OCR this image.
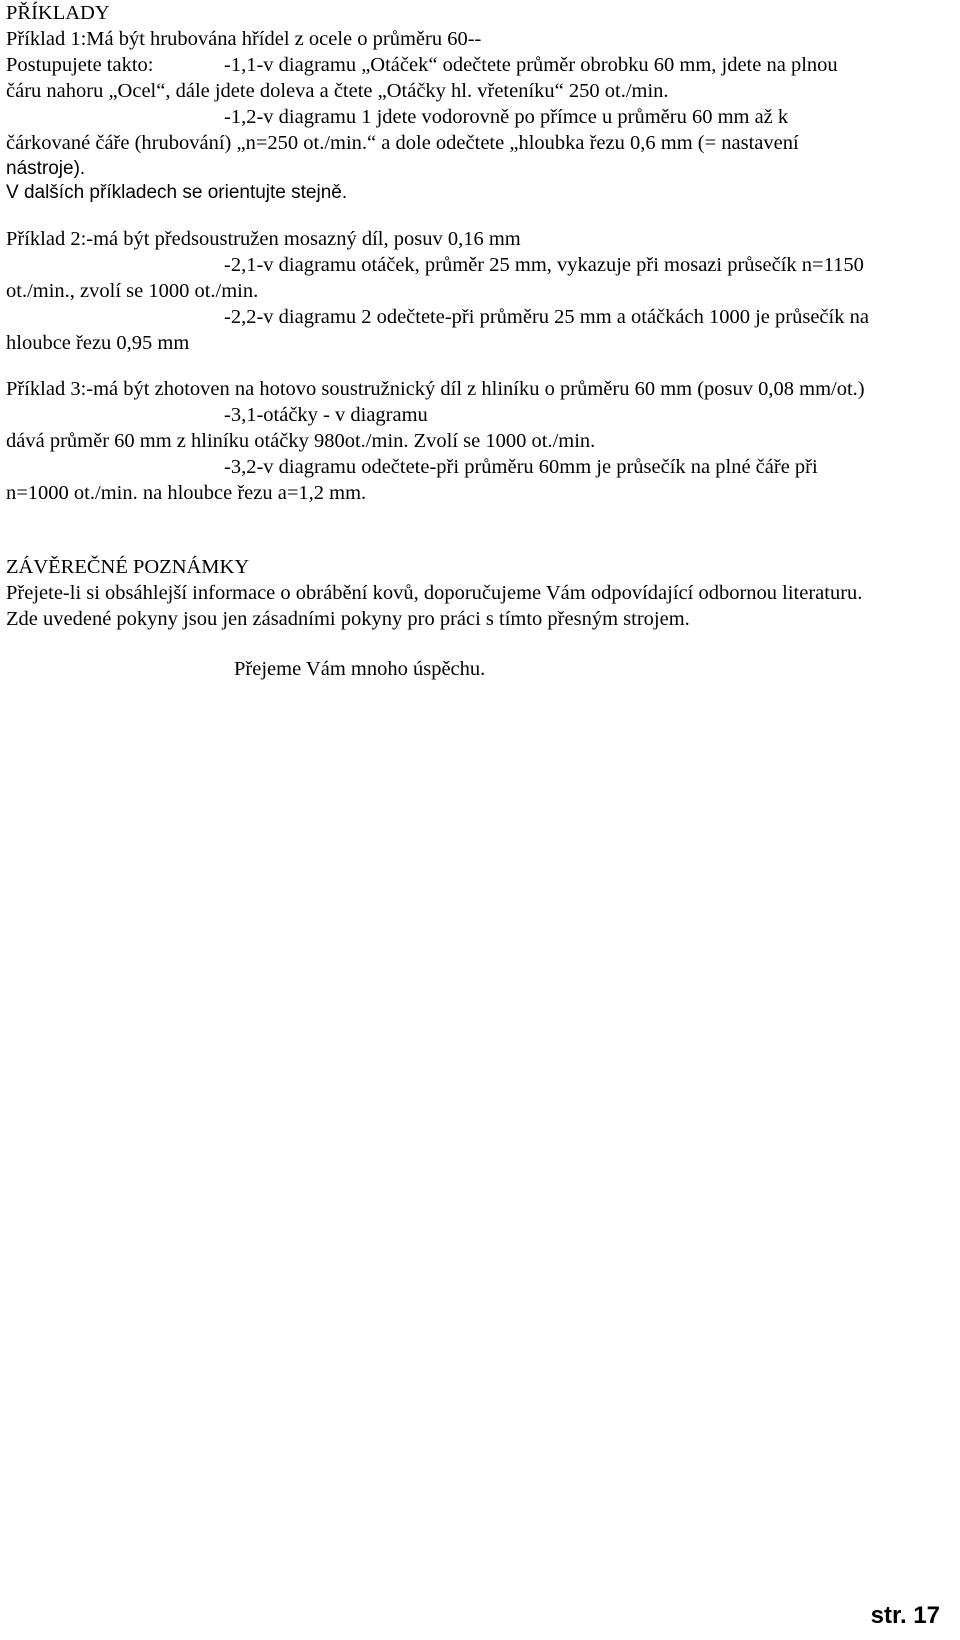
PŘÍKLADY
Příklad 1:Má být hrubována hřídel z ocele o průměru 60--
Postupujete takto:	-1,1-v diagramu „Otáček“ odečtete průměr obrobku 60 mm, jdete na plnou
čáru nahoru „Ocel“, dále jdete doleva a čtete „Otáčky hl. vřeteníku“ 250 ot./min.
-1,2-v diagramu 1 jdete vodorovně po přímce u průměru 60 mm až k
čárkované čáře (hrubování) „n=250 ot./min.“ a dole odečtete „hloubka řezu 0,6 mm (= nastavení
nástroje).
V dalších příkladech se orientujte stejně.
Příklad 2:-má být předsoustružen mosazný díl, posuv 0,16 mm
-2,1-v diagramu otáček, průměr 25 mm, vykazuje při mosazi průsečík n=1150
ot./min., zvolí se 1000 ot./min.
-2,2-v diagramu 2 odečtete-při průměru 25 mm a otáčkách 1000 je průsečík na
hloubce řezu 0,95 mm
Příklad 3:-má být zhotoven na hotovo soustružnický díl z hliníku o průměru 60 mm (posuv 0,08 mm/ot.)
-3,1-otáčky - v diagramu
dává průměr 60 mm z hliníku otáčky 980ot./min. Zvolí se 1000 ot./min.
-3,2-v diagramu odečtete-při průměru 60mm je průsečík na plné čáře při
n=1000 ot./min. na hloubce řezu a=1,2 mm.
ZÁVĚREČNÉ POZNÁMKY
Přejete-li si obsáhlejší informace o obrábění kovů, doporučujeme Vám odpovídající odbornou literaturu.
Zde uvedené pokyny jsou jen zásadními pokyny pro práci s tímto přesným strojem.
Přejeme Vám mnoho úspěchu.
str. 17
